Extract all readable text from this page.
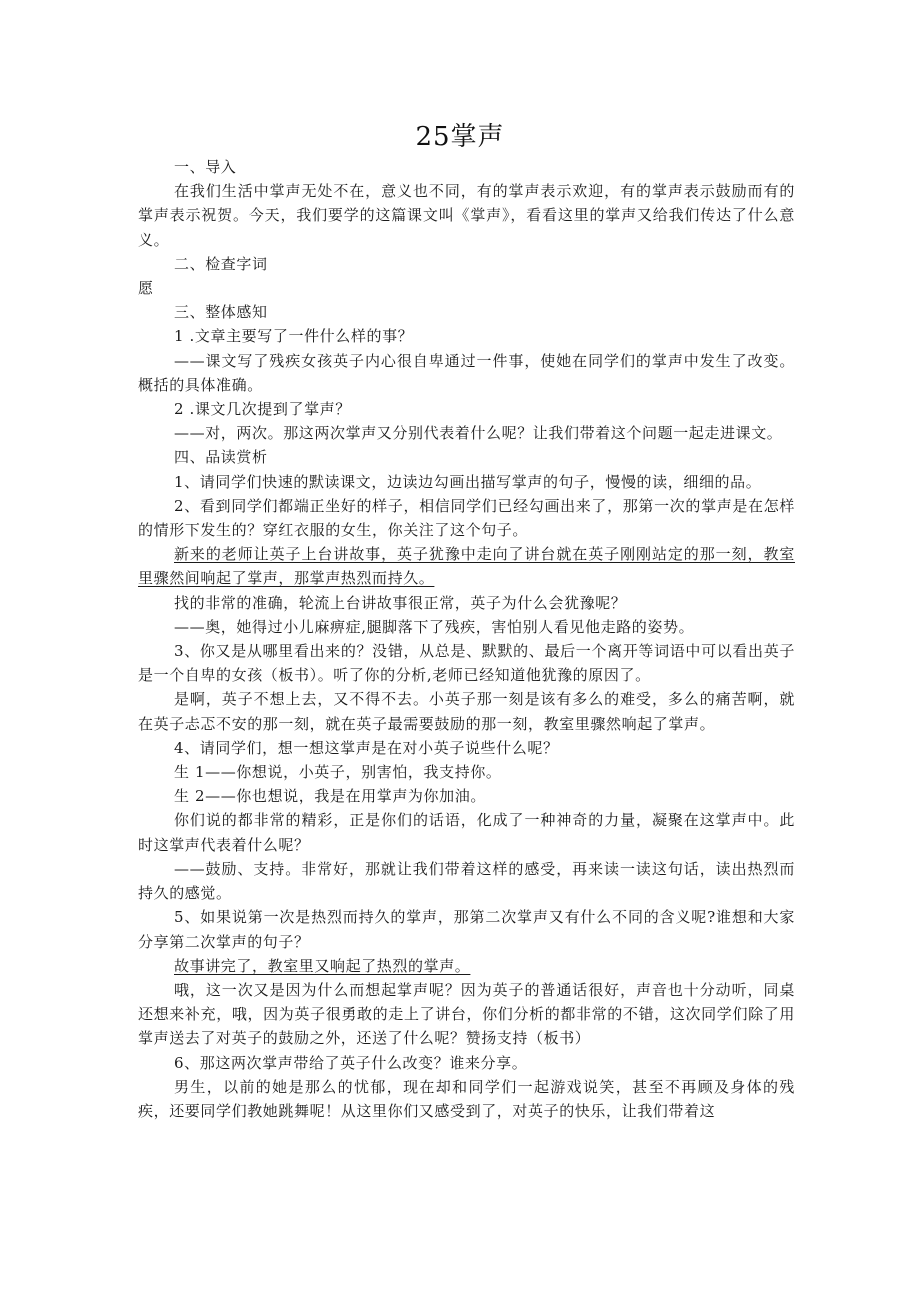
25掌声

一、导入

在我们生活中掌声无处不在，意义也不同，有的掌声表示欢迎，有的掌声表示鼓励而有的掌声表示祝贺。今天，我们要学的这篇课文叫《掌声》，看看这里的掌声又给我们传达了什么意义。

二、检查字词

愿

三、整体感知

1 .文章主要写了一件什么样的事？

——课文写了残疾女孩英子内心很自卑通过一件事，使她在同学们的掌声中发生了改变。概括的具体准确。

2 .课文几次提到了掌声？

——对，两次。那这两次掌声又分别代表着什么呢？让我们带着这个问题一起走进课文。

四、品读赏析

1、请同学们快速的默读课文，边读边勾画出描写掌声的句子，慢慢的读，细细的品。

2、看到同学们都端正坐好的样子，相信同学们已经勾画出来了，那第一次的掌声是在怎样的情形下发生的？穿红衣服的女生，你关注了这个句子。

新来的老师让英子上台讲故事，英子犹豫中走向了讲台就在英子刚刚站定的那一刻，教室里骤然间响起了掌声，那掌声热烈而持久。

找的非常的准确，轮流上台讲故事很正常，英子为什么会犹豫呢？

——奥，她得过小儿麻痹症,腿脚落下了残疾，害怕别人看见他走路的姿势。

3、你又是从哪里看出来的？没错，从总是、默默的、最后一个离开等词语中可以看出英子是一个自卑的女孩（板书）。听了你的分析,老师已经知道他犹豫的原因了。

是啊，英子不想上去，又不得不去。小英子那一刻是该有多么的难受，多么的痛苦啊，就在英子忐忑不安的那一刻，就在英子最需要鼓励的那一刻，教室里骤然响起了掌声。

4、请同学们，想一想这掌声是在对小英子说些什么呢？

生 1——你想说，小英子，别害怕，我支持你。

生 2——你也想说，我是在用掌声为你加油。

你们说的都非常的精彩，正是你们的话语，化成了一种神奇的力量，凝聚在这掌声中。此时这掌声代表着什么呢？

——鼓励、支持。非常好，那就让我们带着这样的感受，再来读一读这句话，读出热烈而持久的感觉。

5、如果说第一次是热烈而持久的掌声，那第二次掌声又有什么不同的含义呢?谁想和大家分享第二次掌声的句子？

故事讲完了，教室里又响起了热烈的掌声。

哦，这一次又是因为什么而想起掌声呢？因为英子的普通话很好，声音也十分动听，同桌还想来补充，哦，因为英子很勇敢的走上了讲台，你们分析的都非常的不错，这次同学们除了用掌声送去了对英子的鼓励之外，还送了什么呢？赞扬支持（板书）

6、那这两次掌声带给了英子什么改变？谁来分享。

男生，以前的她是那么的忧郁，现在却和同学们一起游戏说笑，甚至不再顾及身体的残疾，还要同学们教她跳舞呢！从这里你们又感受到了，对英子的快乐，让我们带着这
